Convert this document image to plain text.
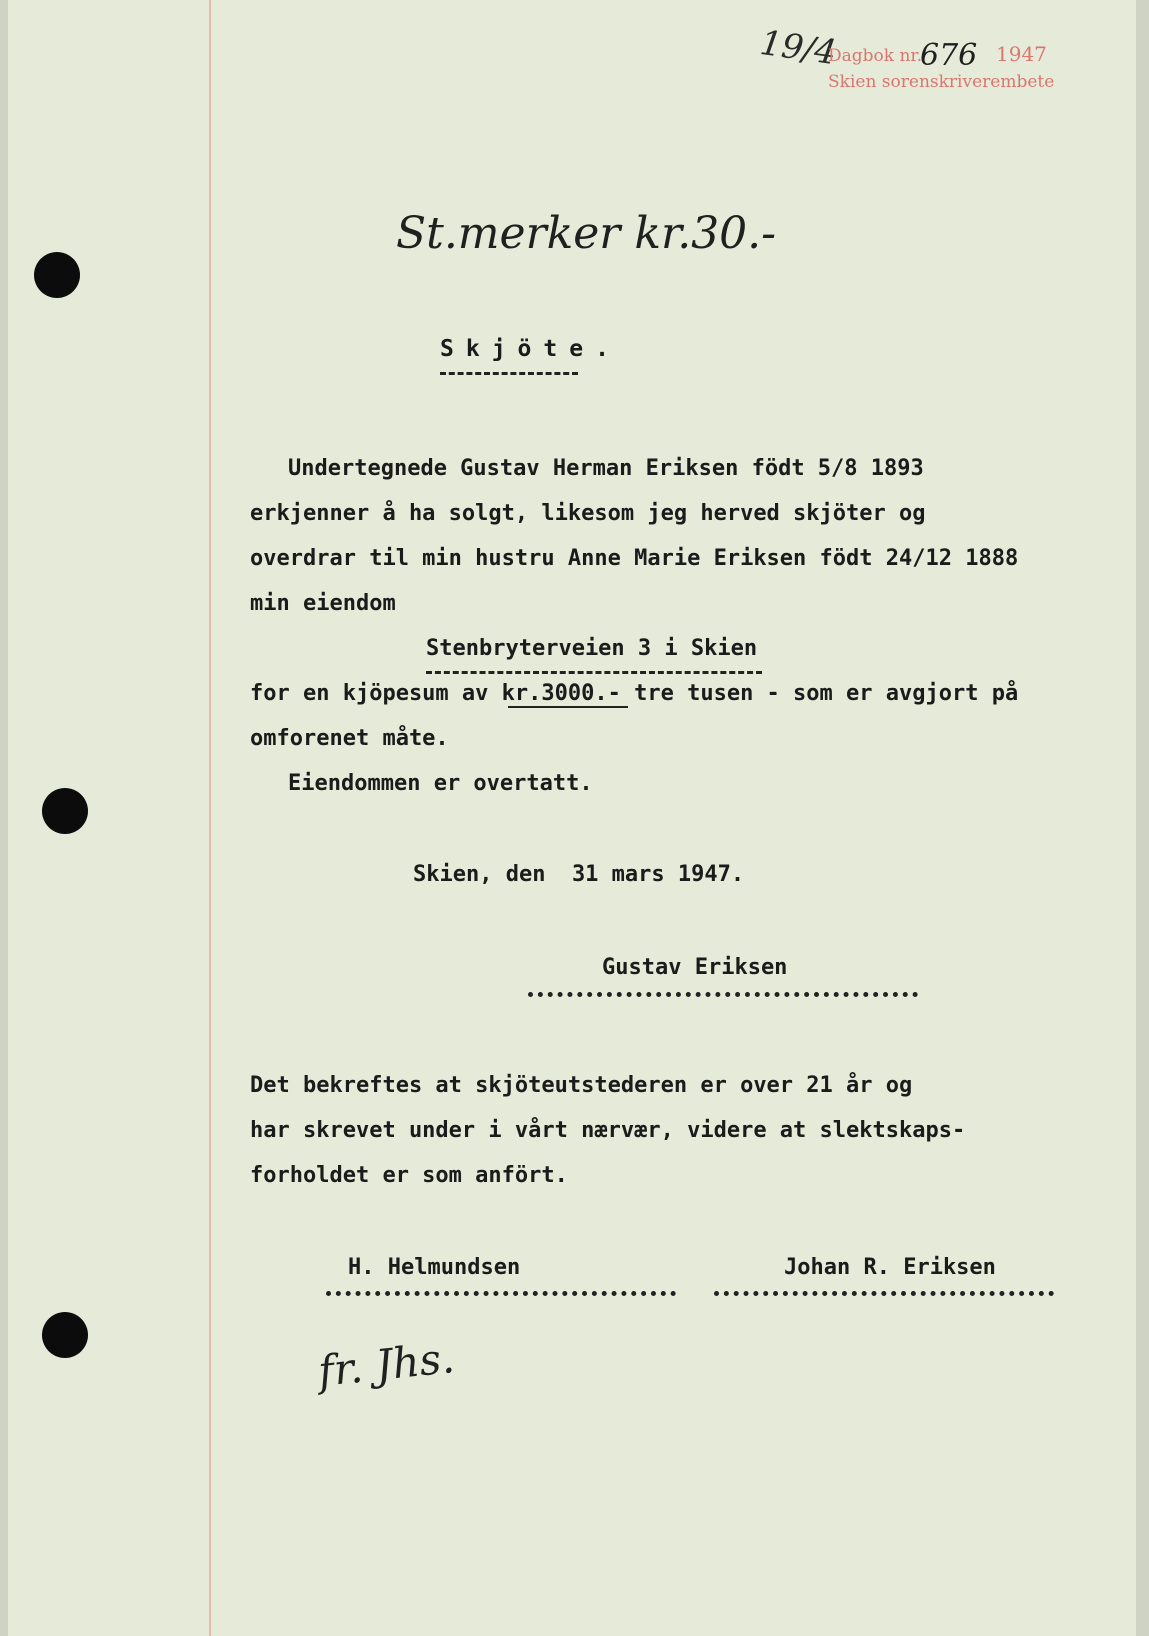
19/4
Dagbok nr.
676 1947
Skien sorenskriverembete
St.merker kr.30.-
Skjöte.
Undertegnede Gustav Herman Eriksen födt 5/8 1893
erkjenner å ha solgt, likesom jeg herved skjöter og
overdrar til min hustru Anne Marie Eriksen födt 24/12 1888
min eiendom
Stenbryterveien 3 i Skien
for en kjöpesum av kr.3000.- tre tusen - som er avgjort på
omforenet måte.
Eiendommen er overtatt.
Skien, den  31 mars 1947.
Gustav Eriksen
Det bekreftes at skjöteutstederen er over 21 år og
har skrevet under i vårt nærvær, videre at slektskaps-
forholdet er som anfört.
H. Helmundsen	Johan R. Eriksen
fr. Jhs.
